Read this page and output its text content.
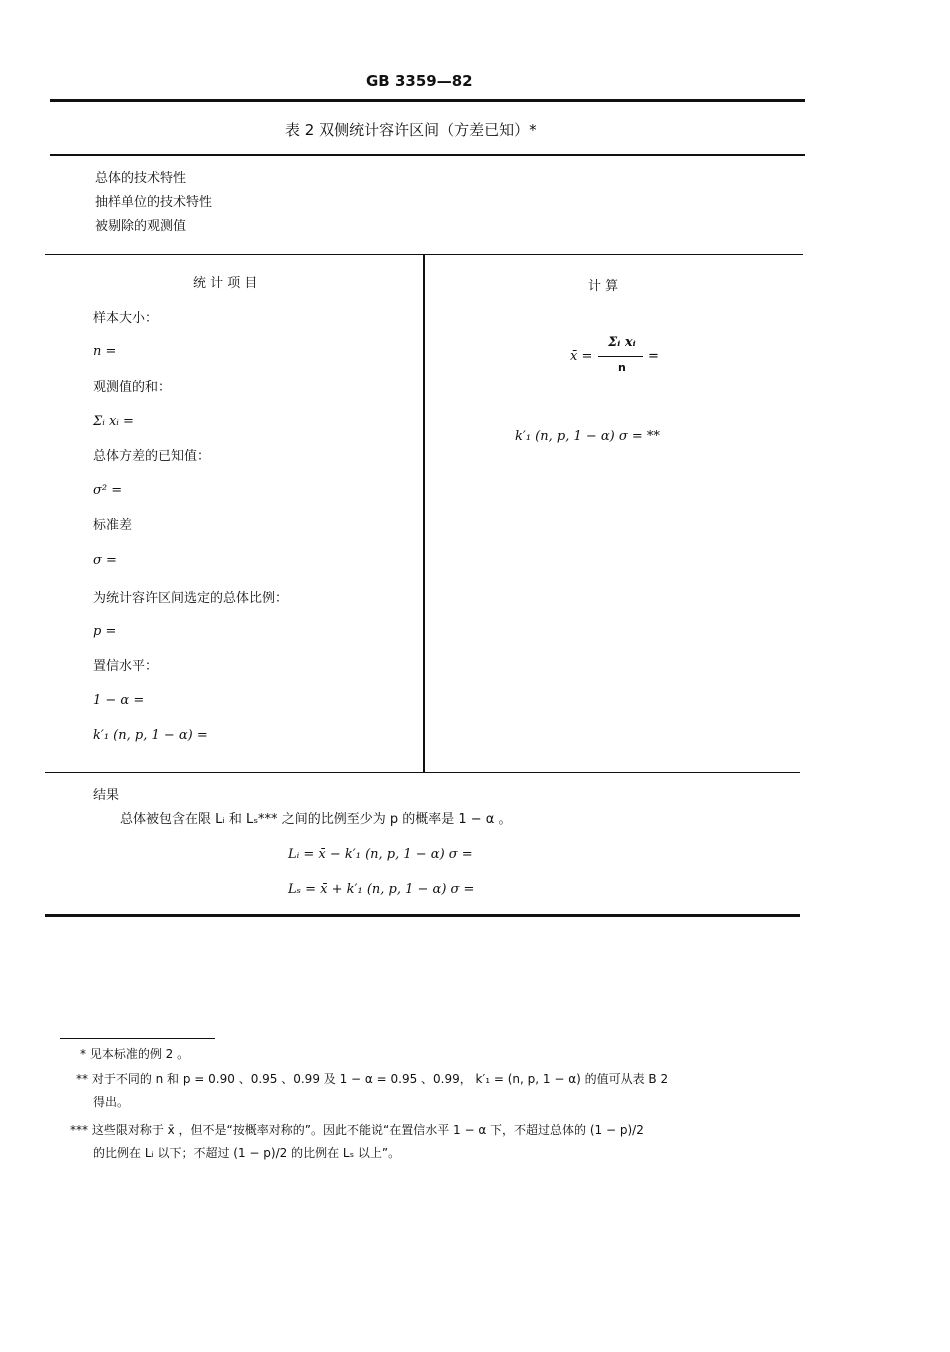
GB 3359—82
表 2 双侧统计容许区间（方差已知）*
总体的技术特性
抽样单位的技术特性
被剔除的观测值
统 计 项 目	计 算
样本大小：
n =
观测值的和：
Σᵢ xᵢ =
总体方差的已知值：
σ² =
标准差
σ =
为统计容许区间选定的总体比例：
p =
置信水平：
1 − α =
k′₁ (n, p, 1 − α) =
x̄ =
Σᵢ xᵢ
n
=
k′₁ (n, p, 1 − α) σ = **
结果
总体被包含在限 Lᵢ 和 Lₛ*** 之间的比例至少为 p 的概率是 1 − α 。
Lᵢ = x̄ − k′₁ (n, p, 1 − α) σ =
Lₛ = x̄ + k′₁ (n, p, 1 − α) σ =
* 见本标准的例 2 。
** 对于不同的 n 和 p = 0.90 、0.95 、0.99 及 1 − α = 0.95 、0.99， k′₁ = (n, p, 1 − α) 的值可从表 B 2
得出。
*** 这些限对称于 x̄ ，但不是“按概率对称的”。因此不能说“在置信水平 1 − α 下，不超过总体的 (1 − p)/2
的比例在 Lᵢ 以下；不超过 (1 − p)/2 的比例在 Lₛ 以上”。
